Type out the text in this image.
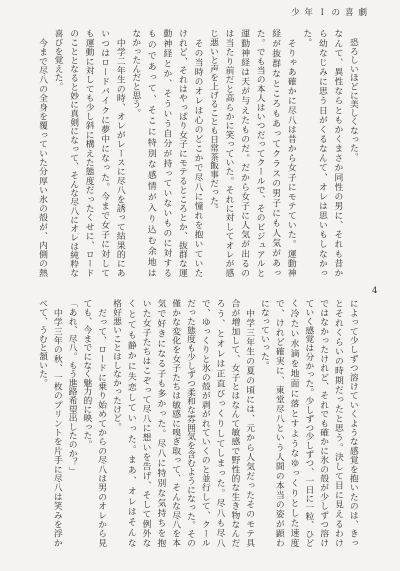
少年Ｉの喜劇
4
　恐ろしいほどに美しくなった。
なんて、異性ならともかくまさか同性の男に、それも昔か
ら幼なじみに思う日がくるなんて、オレは思いもしなかっ
た。
　そりゃあ確かに尽八は昔から女子にモテていた。運動神
経が抜群なところもあってクラスの男子にも人気があっ
た。でも当の本人はいつだってクールで、そのビジュアルと
運動神経は天が与えたものだ。だから女子に人気が出るの
は当たり前だと高らかに笑っていた。それに対してオレが感
じ悪いと声を上げることも日常茶飯事だった。
　その当時のオレは心のどこかで尽八に憧れを抱いていた
けれど、それはやっぱり女子にモテるところとか、抜群な運
動神経とか、そういう自分が持っていないものに対する
ものであって、そこに特別な感情が入り込む余地は
なかったんだと思う。
　中学二年生の時、オレがレースに尽八を誘って結果的にあ
いつはロードバイクに夢中になった。今まで女子に対して
も運動に対しても少し斜に構えた態度だったくせに、ロード
のこととなると妙に真剣になって、そんな尽八にオレは純粋な
喜びを覚えた。
　今まで尽八の全身を覆っていた分厚い氷の殻が、内側の熱
によって少しずつ溶けていくような感覚を抱いたのは、きっ
とそれくらいの時期だったと思う。決して目に見えるわけ
ではなかったけれど、それでも確かに氷の殻が少しずつ溶け
ていく感覚は分かった。少しずつ少しずつ、一日に一粒、ひど
く冷たい水滴を地面に落とすようなゆっくりとした速度
で、けれど確実に、東堂尽八という人間の本当の姿が顕わ
になっていった。
　中学三年生の夏の頃には、元から人気だったそのモテ具
合が増加して、女子とはなんて敏感で野性的な生き物なんだ
ろう、とオレは正直びっくりしてしまった。尽八も尽八
で、ゆっくりと氷の殻が剥がれていくのと並行して、クール
だった態度も少しずつ柔和な雰囲気を含むようになった。その
僅かな変化を女子たちは敏感に嗅ぎ取って、そんな尽八を本
気で好きになる子も多かった。尽八に特別な気持ちを抱
いた女子たちはこぞって尽八に想いを告げ、そして例外な
くとても静かに失恋していった。まあ、オレはそんな
格好悪いことはしなかったけど。
　だって、ロードに乗り始めてからの尽八は男のオレから見
ても、今までになく魅力的に映った。
「あれ、尽八。もう進路希望出したのか？」
　中学三年の秋、一枚のプリントを片手に尽八は笑みを浮か
べて、うむと頷いた。
